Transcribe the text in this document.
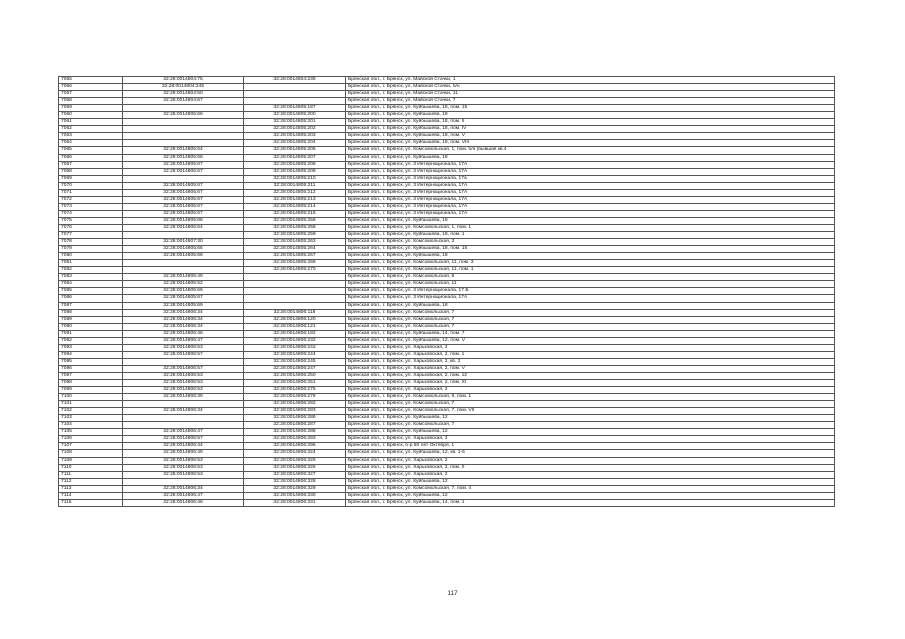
7055	32:28:0014804:75	32:28:0014804:239	Брянская обл., г. Брянск, ул. Майской Стачки, 1
7056	32:28:0014804:245		Брянская обл., г. Брянск, ул. Майской Стачки, б/н
7057	32:28:0014804:50		Брянская обл., г. Брянск, ул. Майской Стачки, 11
7058	32:28:0014804:67		Брянская обл., г. Брянск, ул. Майской Стачки, 7
7059		32:28:0014805:187	Брянская обл., г. Брянск, ул. Куйбышева, 18, пом. 15
7060	32:28:0014805:66	32:28:0014805:200	Брянская обл., г. Брянск, ул. Куйбышева, 18
7061		32:28:0014805:201	Брянская обл., г. Брянск, ул. Куйбышева, 18, пом. II
7062		32:28:0014805:202	Брянская обл., г. Брянск, ул. Куйбышева, 18, пом. IV
7063		32:28:0014805:203	Брянская обл., г. Брянск, ул. Куйбышева, 18, пом. V
7064		32:28:0014805:204	Брянская обл., г. Брянск, ул. Куйбышева, 18, пом. VIII
7065	32:28:0014805:64	32:28:0014805:206	Брянская обл., г. Брянск, ул. Комсомольская, 1, пом. б/н (бывшая кв.4
7066	32:28:0014805:66	32:28:0014805:207	Брянская обл., г. Брянск, ул. Куйбышева, 18
7067	32:28:0014805:67	32:28:0014805:208	Брянская обл., г. Брянск, ул. 3 Интернационала, 17А
7068	32:28:0014805:67	32:28:0014805:209	Брянская обл., г. Брянск, ул. 3 Интернационала, 17А
7069		32:28:0014805:210	Брянская обл., г. Брянск, ул. 3 Интернационала, 17а
7070	32:28:0014805:67	32:28:0014805:211	Брянская обл., г. Брянск, ул. 3 Интернационала, 17А
7071	32:28:0014805:67	32:28:0014805:212	Брянская обл., г. Брянск, ул. 3 Интернационала, 17А
7072	32:28:0014805:67	32:28:0014805:213	Брянская обл., г. Брянск, ул. 3 Интернационала, 17А
7073	32:28:0014805:67	32:28:0014805:214	Брянская обл., г. Брянск, ул. 3 Интернационала, 17А
7074	32:28:0014805:67	32:28:0014805:215	Брянская обл., г. Брянск, ул. 3 Интернационала, 17А
7075	32:28:0014805:66	32:28:0014805:256	Брянская обл., г. Брянск, ул. Куйбышева, 18
7076	32:28:0014805:64	32:28:0014805:258	Брянская обл., г. Брянск, ул. Комсомольская, 1, пом. 1
7077		32:28:0014805:259	Брянская обл., г. Брянск, ул. Куйбышева, 18, пом. 1
7078	32:28:0014807:30	32:28:0014805:263	Брянская обл., г. Брянск, ул. Комсомольская, 3
7079	32:28:0014805:66	32:28:0014805:264	Брянская обл., г. Брянск, ул. Куйбышева, 18, пом. 15
7080	32:28:0014805:66	32:28:0014805:267	Брянская обл., г. Брянск, ул. Куйбышева, 18
7081		32:28:0014805:268	Брянская обл., г. Брянск, ул. Комсомольская, 11, пом. 3
7082		32:28:0014805:270	Брянская обл., г. Брянск, ул. Комсомольская, 11, пом. 1
7083	32:28:0014805:49		Брянская обл., г. Брянск, ул. Комсомольская, 8
7084	32:28:0014805:52		Брянская обл., г. Брянск, ул. Комсомольская, 11
7085	32:28:0014805:66		Брянская обл., г. Брянск, ул. 3 Интернационала, 17 Б
7086	32:28:0014805:67		Брянская обл., г. Брянск, ул. 3 Интернационала, 17А
7087	32:28:0014805:69		Брянская обл., г. Брянск, ул. Куйбышева, 18
7088	32:28:0014806:34	32:28:0014806:118	Брянская обл., г. Брянск, ул. Комсомольская, 7
7089	32:28:0014806:34	32:28:0014806:120	Брянская обл., г. Брянск, ул. Комсомольская, 7
7090	32:28:0014806:34	32:28:0014806:121	Брянская обл., г. Брянск, ул. Комсомольская, 7
7091	32:28:0014806:46	32:28:0014806:182	Брянская обл., г. Брянск, ул. Куйбышева, 14, пом. 7
7092	32:28:0014806:47	32:28:0014806:232	Брянская обл., г. Брянск, ул. Куйбышева, 12, пом. V
7093	32:28:0014806:53	32:28:0014806:242	Брянская обл., г. Брянск, ул. Харьковская, 2
7094	32:28:0014806:57	32:28:0014806:244	Брянская обл., г. Брянск, ул. Харьковская, 2, пом. 1
7095		32:28:0014806:245	Брянская обл., г. Брянск, ул. Харьковская, 2, кв. 2
7096	32:28:0014806:57	32:28:0014806:247	Брянская обл., г. Брянск, ул. Харьковская, 2, пом. V
7097	32:28:0014806:53	32:28:0014806:250	Брянская обл., г. Брянск, ул. Харьковская, 2, пом. 12
7098	32:28:0014806:53	32:28:0014806:251	Брянская обл., г. Брянск, ул. Харьковская, 2, пом. XI
7099	32:28:0014806:53	32:28:0014806:275	Брянская обл., г. Брянск, ул. Харьковская, 2
7100	32:28:0014806:39	32:28:0014806:278	Брянская обл., г. Брянск, ул. Комсомольская, 9, пом. 1
7101		32:28:0014806:282	Брянская обл., г. Брянск, ул. Комсомольская, 7
7102	32:28:0014806:34	32:28:0014806:283	Брянская обл., г. Брянск, ул. Комсомольская, 7, пом. VII
7103		32:28:0014806:286	Брянская обл., г. Брянск, ул. Куйбышева, 12
7104		32:28:0014806:287	Брянская обл., г. Брянск, ул. Комсомольская, 7
7105	32:28:0014806:47	32:28:0014806:288	Брянская обл., г. Брянск, ул. Куйбышева, 12
7106	32:28:0014806:57	32:28:0014806:293	Брянская обл., г. Брянск, ул. Харьковская, 2
7107	32:28:0014806:44	32:28:0014806:296	Брянская обл., г. Брянск, б-р 50 лет Октября, 1
7108	32:28:0014806:49	32:28:0014806:324	Брянская обл., г. Брянск, ул. Куйбышева, 12, кв. 1-5
7109	32:28:0014806:53	32:28:0014806:325	Брянская обл., г. Брянск, ул. Харьковская, 2
7110	32:28:0014806:53	32:28:0014806:326	Брянская обл., г. Брянск, ул. Харьковская, 2, пом. 0
7111	32:28:0014806:53	32:28:0014806:327	Брянская обл., г. Брянск, ул. Харьковская, 2
7112		32:28:0014806:328	Брянская обл., г. Брянск, ул. Куйбышева, 12
7113	32:28:0014806:34	32:28:0014806:329	Брянская обл., г. Брянск, ул. Комсомольская, 7, пом. 4
7114	32:28:0014806:47	32:28:0014806:330	Брянская обл., г. Брянск, ул. Куйбышева, 12
7115	32:28:0014806:46	32:28:0014806:331	Брянская обл., г. Брянск, ул. Куйбышева, 14, пом. 1
117
